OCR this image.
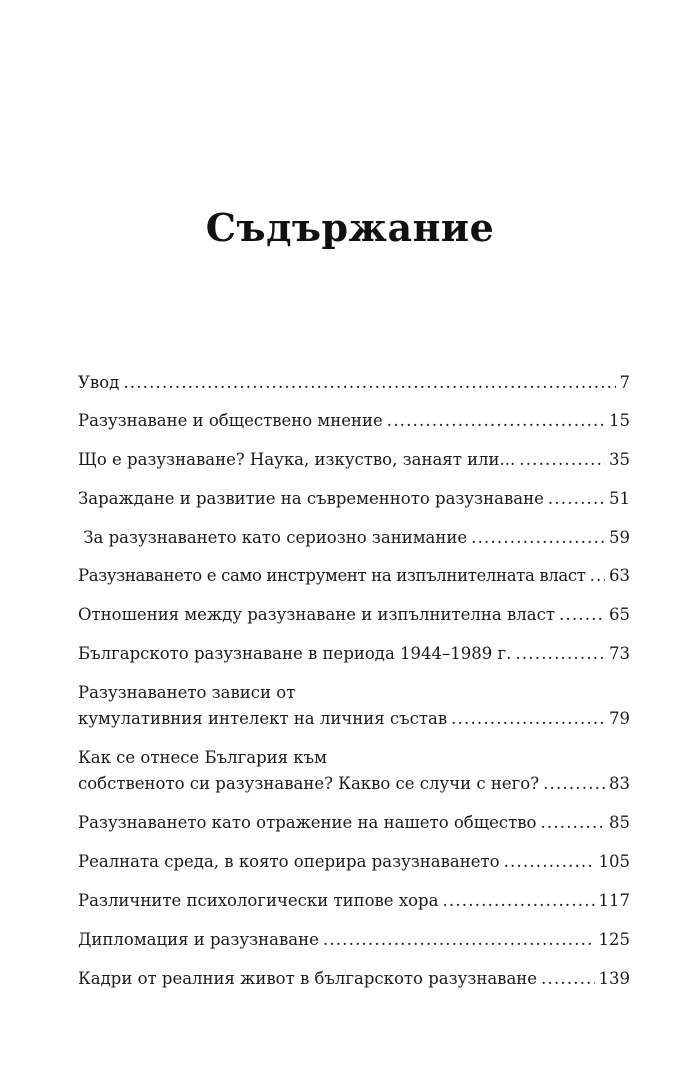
Съдържание
Увод .....	7
Разузнаване и обществено мнение .....	15
Що е разузнаване? Наука, изкуство, занаят или... .....	35
Зараждане и развитие на съвременното разузнаване .....	51
За разузнаването като сериозно занимание .....	59
Разузнаването е само инструмент на изпълнителната власт ..... 63
Отношения между разузнаване и изпълнителна власт .....	65
Българското разузнаване в периода 1944–1989 г. .....	73
Разузнаването зависи от
кумулативния интелект на личния състав .....	79
Как се отнесе България към
собственото си разузнаване? Какво се случи с него? .....	83
Разузнаването като отражение на нашето общество .....	85
Реалната среда, в която оперира разузнаването .....	105
Различните психологически типове хора .....	117
Дипломация и разузнаване .....	125
Кадри от реалния живот в българското разузнаване .....	139
